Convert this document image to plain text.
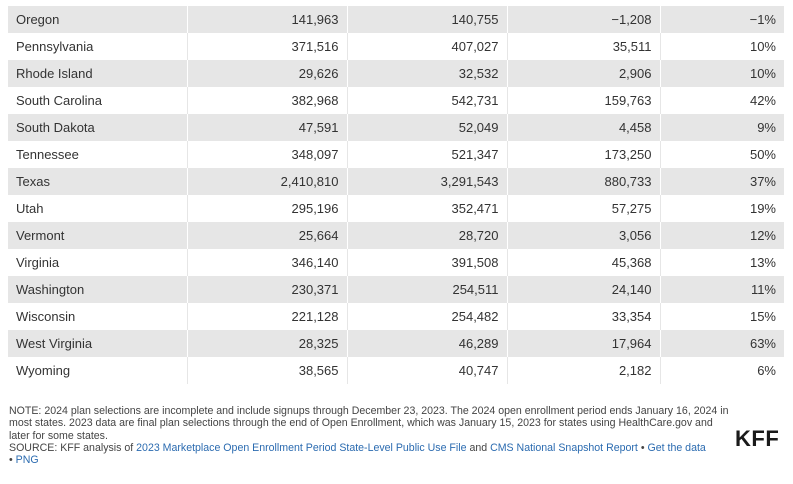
Oregon	141,963	140,755	−1,208	−1%
Pennsylvania	371,516	407,027	35,511	10%
Rhode Island	29,626	32,532	2,906	10%
South Carolina	382,968	542,731	159,763	42%
South Dakota	47,591	52,049	4,458	9%
Tennessee	348,097	521,347	173,250	50%
Texas	2,410,810	3,291,543	880,733	37%
Utah	295,196	352,471	57,275	19%
Vermont	25,664	28,720	3,056	12%
Virginia	346,140	391,508	45,368	13%
Washington	230,371	254,511	24,140	11%
Wisconsin	221,128	254,482	33,354	15%
West Virginia	28,325	46,289	17,964	63%
Wyoming	38,565	40,747	2,182	6%

NOTE: 2024 plan selections are incomplete and include signups through December 23, 2023. The 2024 open enrollment period ends January 16, 2024 in most states. 2023 data are final plan selections through the end of Open Enrollment, which was January 15, 2023 for states using HealthCare.gov and later for some states.

SOURCE: KFF analysis of 2023 Marketplace Open Enrollment Period State-Level Public Use File and CMS National Snapshot Report • Get the data
• PNG

KFF
